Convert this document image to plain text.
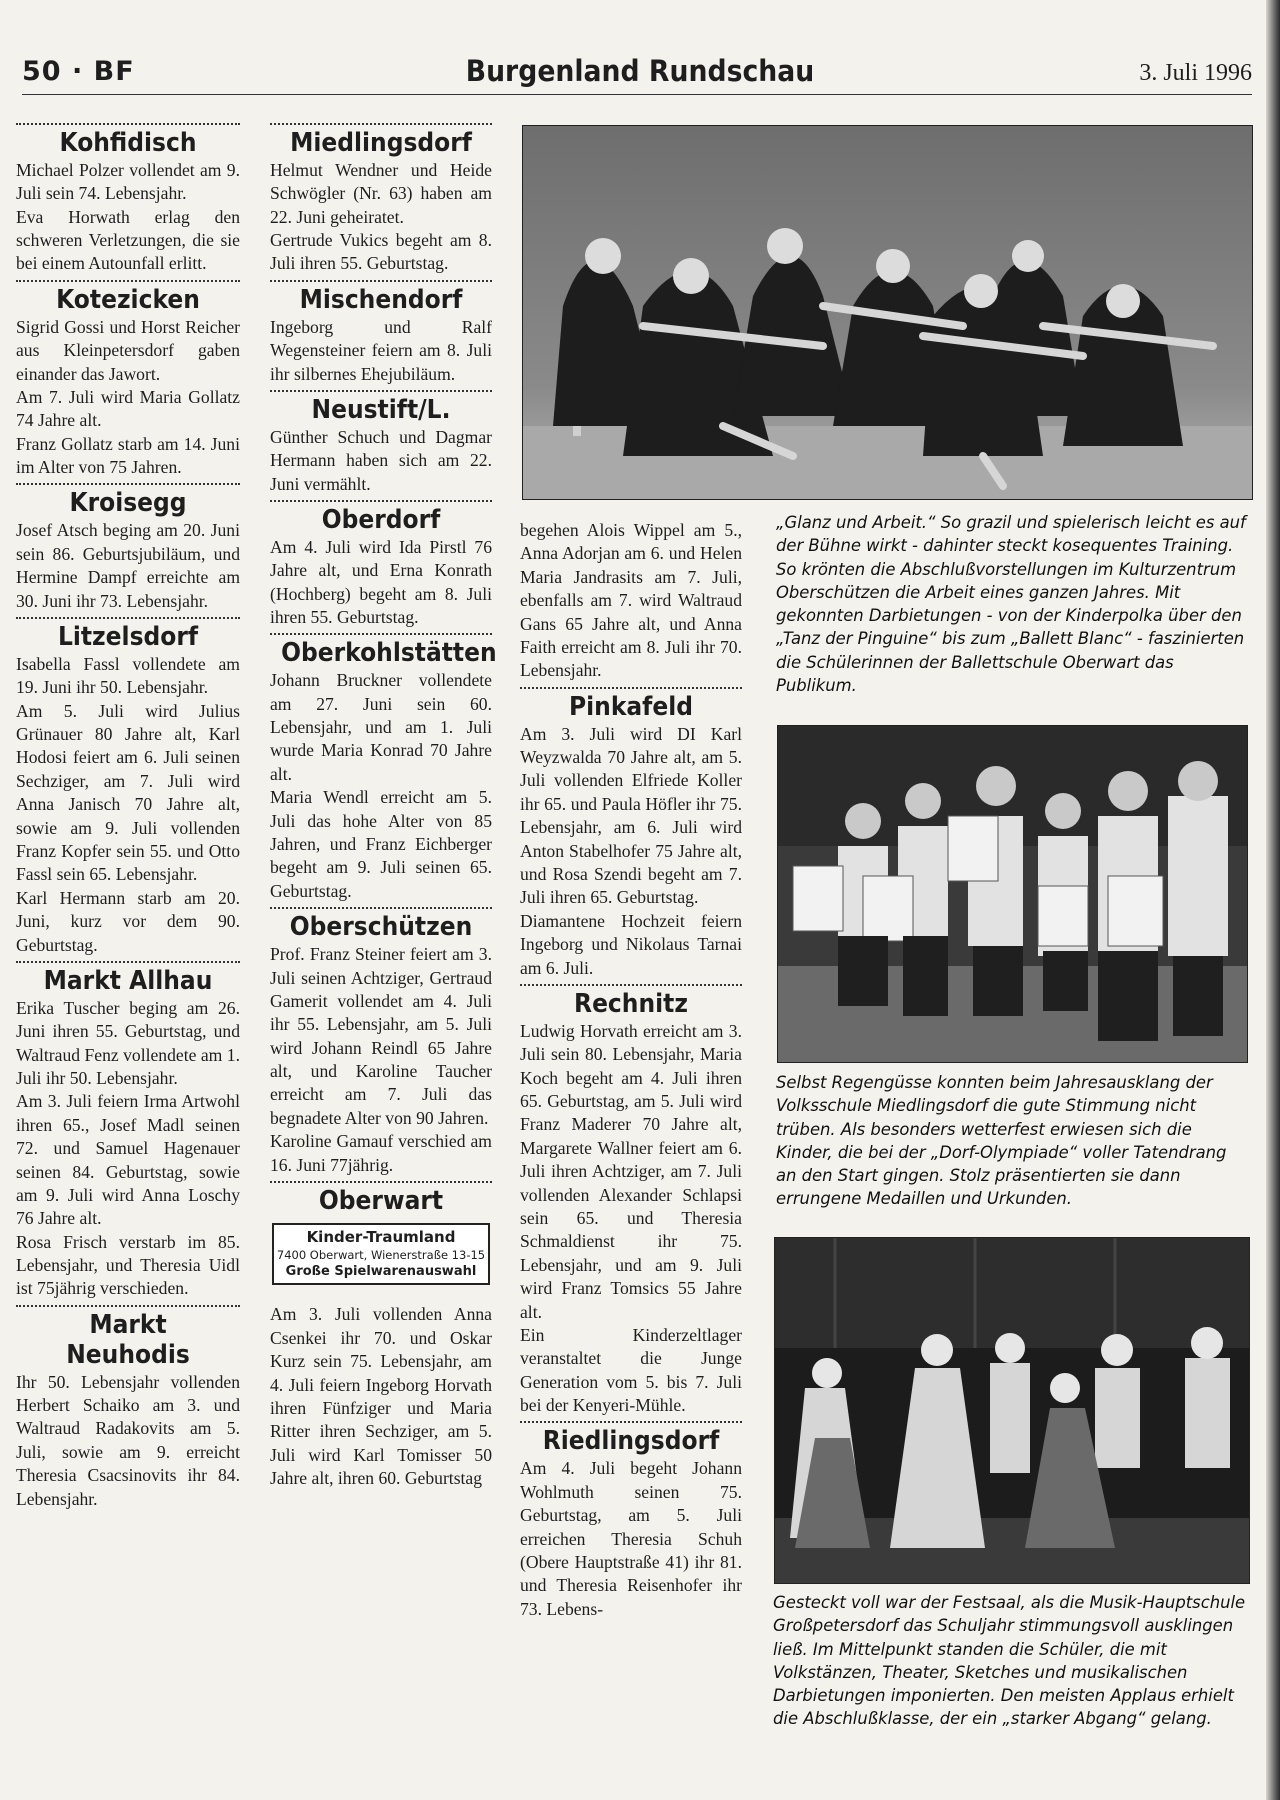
50 · BF	Burgenland Rundschau	3. Juli 1996
Kohfidisch

Michael Polzer vollendet am 9. Juli sein 74. Lebensjahr.

Eva Horwath erlag den schweren Verletzungen, die sie bei einem Autounfall erlitt.

Kotezicken

Sigrid Gossi und Horst Reicher aus Kleinpetersdorf gaben einander das Jawort.

Am 7. Juli wird Maria Gollatz 74 Jahre alt.

Franz Gollatz starb am 14. Juni im Alter von 75 Jahren.

Kroisegg

Josef Atsch beging am 20. Juni sein 86. Geburtsjubiläum, und Hermine Dampf erreichte am 30. Juni ihr 73. Lebensjahr.

Litzelsdorf

Isabella Fassl vollendete am 19. Juni ihr 50. Lebensjahr.

Am 5. Juli wird Julius Grünauer 80 Jahre alt, Karl Hodosi feiert am 6. Juli seinen Sechziger, am 7. Juli wird Anna Janisch 70 Jahre alt, sowie am 9. Juli vollenden Franz Kopfer sein 55. und Otto Fassl sein 65. Lebensjahr.

Karl Hermann starb am 20. Juni, kurz vor dem 90. Geburtstag.

Markt Allhau

Erika Tuscher beging am 26. Juni ihren 55. Geburtstag, und Waltraud Fenz vollendete am 1. Juli ihr 50. Lebensjahr.

Am 3. Juli feiern Irma Artwohl ihren 65., Josef Madl seinen 72. und Samuel Hagenauer seinen 84. Geburtstag, sowie am 9. Juli wird Anna Loschy 76 Jahre alt.

Rosa Frisch verstarb im 85. Lebensjahr, und Theresia Uidl ist 75jährig verschieden.

Markt Neuhodis

Ihr 50. Lebensjahr vollenden Herbert Schaiko am 3. und Waltraud Radakovits am 5. Juli, sowie am 9. erreicht Theresia Csacsinovits ihr 84. Lebensjahr.

Miedlingsdorf

Helmut Wendner und Heide Schwögler (Nr. 63) haben am 22. Juni geheiratet.

Gertrude Vukics begeht am 8. Juli ihren 55. Geburtstag.

Mischendorf

Ingeborg und Ralf Wegensteiner feiern am 8. Juli ihr silbernes Ehejubiläum.

Neustift/L.

Günther Schuch und Dagmar Hermann haben sich am 22. Juni vermählt.

Oberdorf

Am 4. Juli wird Ida Pirstl 76 Jahre alt, und Erna Konrath (Hochberg) begeht am 8. Juli ihren 55. Geburtstag.

Oberkohlstätten

Johann Bruckner vollendete am 27. Juni sein 60. Lebensjahr, und am 1. Juli wurde Maria Konrad 70 Jahre alt.

Maria Wendl erreicht am 5. Juli das hohe Alter von 85 Jahren, und Franz Eichberger begeht am 9. Juli seinen 65. Geburtstag.

Oberschützen

Prof. Franz Steiner feiert am 3. Juli seinen Achtziger, Gertraud Gamerit vollendet am 4. Juli ihr 55. Lebensjahr, am 5. Juli wird Johann Reindl 65 Jahre alt, und Karoline Taucher erreicht am 7. Juli das begnadete Alter von 90 Jahren.

Karoline Gamauf verschied am 16. Juni 77jährig.

Oberwart
Kinder-Traumland
7400 Oberwart, Wienerstraße 13-15
Große Spielwarenauswahl

Am 3. Juli vollenden Anna Csenkei ihr 70. und Oskar Kurz sein 75. Lebensjahr, am 4. Juli feiern Ingeborg Horvath ihren Fünfziger und Maria Ritter ihren Sechziger, am 5. Juli wird Karl Tomisser 50 Jahre alt, ihren 60. Geburtstag

begehen Alois Wippel am 5., Anna Adorjan am 6. und Helen Maria Jandrasits am 7. Juli, ebenfalls am 7. wird Waltraud Gans 65 Jahre alt, und Anna Faith erreicht am 8. Juli ihr 70. Lebensjahr.

Pinkafeld

Am 3. Juli wird DI Karl Weyzwalda 70 Jahre alt, am 5. Juli vollenden Elfriede Koller ihr 65. und Paula Höfler ihr 75. Lebensjahr, am 6. Juli wird Anton Stabelhofer 75 Jahre alt, und Rosa Szendi begeht am 7. Juli ihren 65. Geburtstag.

Diamantene Hochzeit feiern Ingeborg und Nikolaus Tarnai am 6. Juli.

Rechnitz

Ludwig Horvath erreicht am 3. Juli sein 80. Lebensjahr, Maria Koch begeht am 4. Juli ihren 65. Geburtstag, am 5. Juli wird Franz Maderer 70 Jahre alt, Margarete Wallner feiert am 6. Juli ihren Achtziger, am 7. Juli vollenden Alexander Schlapsi sein 65. und Theresia Schmaldienst ihr 75. Lebensjahr, und am 9. Juli wird Franz Tomsics 55 Jahre alt.

Ein Kinderzeltlager veranstaltet die Junge Generation vom 5. bis 7. Juli bei der Kenyeri-Mühle.

Riedlingsdorf

Am 4. Juli begeht Johann Wohlmuth seinen 75. Geburtstag, am 5. Juli erreichen Theresia Schuh (Obere Hauptstraße 41) ihr 81. und Theresia Reisenhofer ihr 73. Lebens-

„Glanz und Arbeit.“ So grazil und spielerisch leicht es auf der Bühne wirkt - dahinter steckt kosequentes Training. So krönten die Abschlußvorstellungen im Kulturzentrum Oberschützen die Arbeit eines ganzen Jahres. Mit gekonnten Darbietungen - von der Kinderpolka über den „Tanz der Pinguine“ bis zum „Ballett Blanc“ - faszinierten die Schülerinnen der Ballettschule Oberwart das Publikum.
Selbst Regengüsse konnten beim Jahresausklang der Volksschule Miedlingsdorf die gute Stimmung nicht trüben. Als besonders wetterfest erwiesen sich die Kinder, die bei der „Dorf-Olympiade“ voller Tatendrang an den Start gingen. Stolz präsentierten sie dann errungene Medaillen und Urkunden.
Gesteckt voll war der Festsaal, als die Musik-Hauptschule Großpetersdorf das Schuljahr stimmungsvoll ausklingen ließ. Im Mittelpunkt standen die Schüler, die mit Volkstänzen, Theater, Sketches und musikalischen Darbietungen imponierten. Den meisten Applaus erhielt die Abschlußklasse, der ein „starker Abgang“ gelang.
